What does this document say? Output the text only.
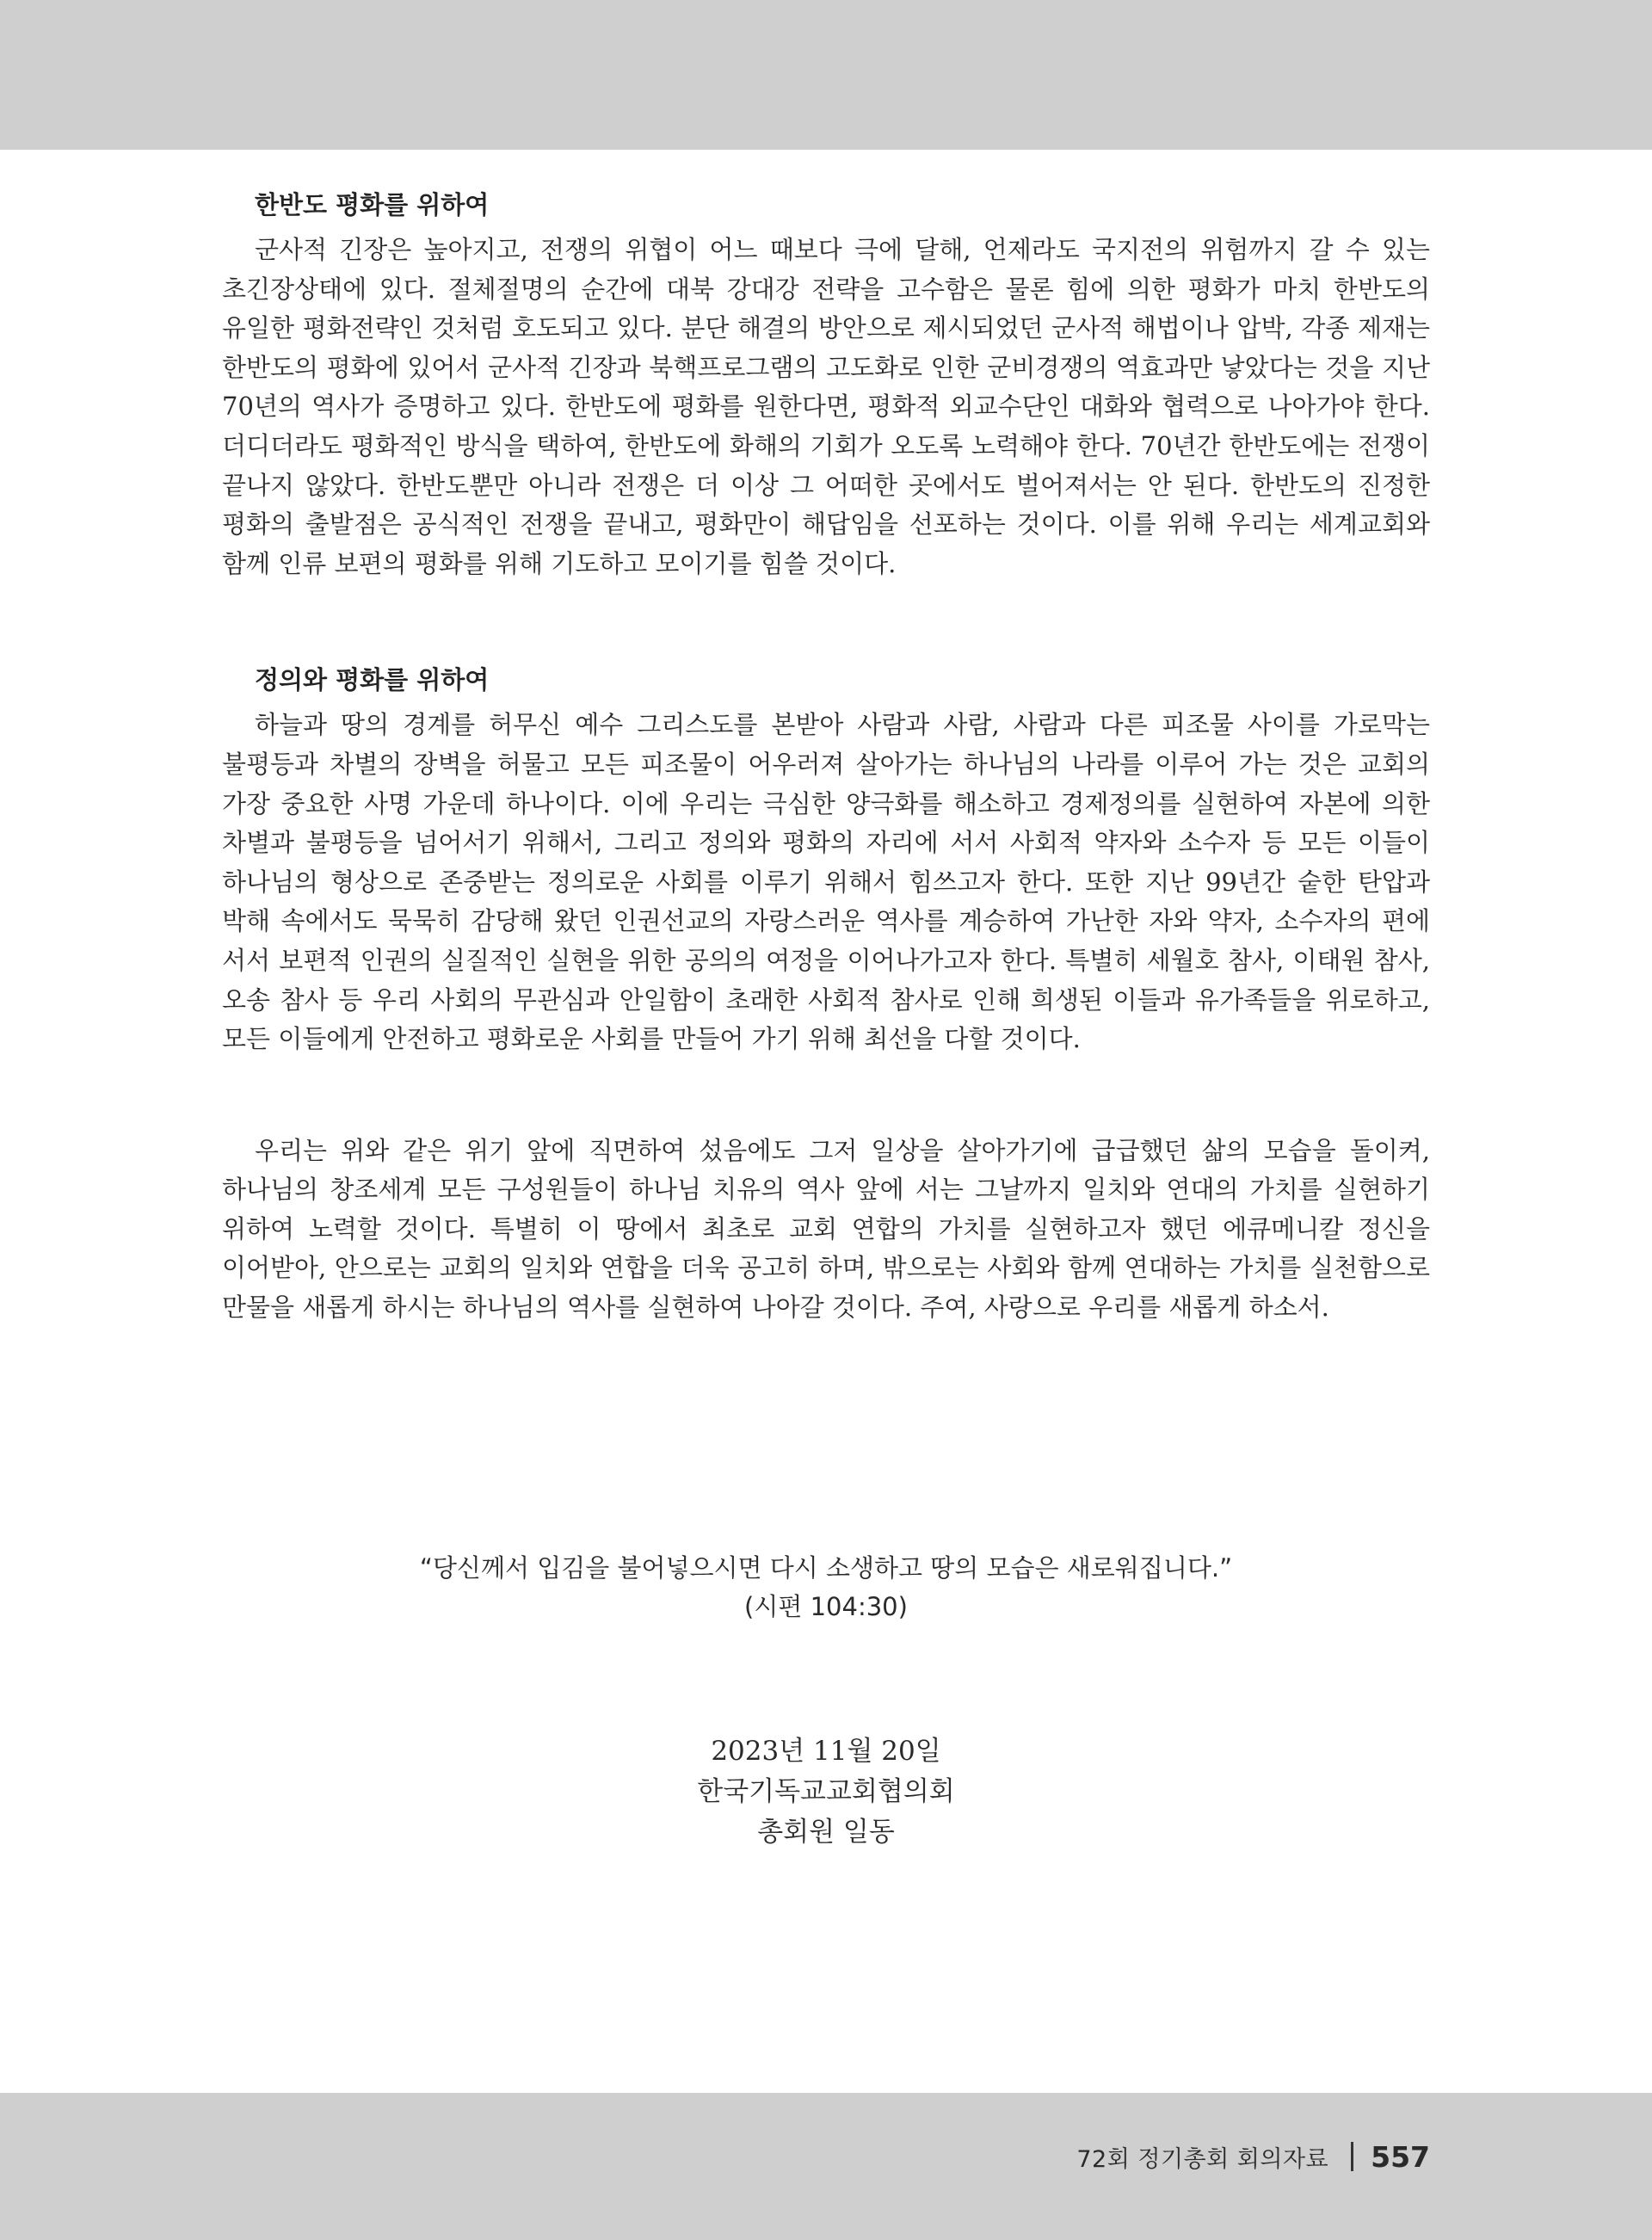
한반도 평화를 위하여

군사적 긴장은 높아지고, 전쟁의 위협이 어느 때보다 극에 달해, 언제라도 국지전의 위험까지 갈 수 있는 초긴장상태에 있다. 절체절명의 순간에 대북 강대강 전략을 고수함은 물론 힘에 의한 평화가 마치 한반도의 유일한 평화전략인 것처럼 호도되고 있다. 분단 해결의 방안으로 제시되었던 군사적 해법이나 압박, 각종 제재는 한반도의 평화에 있어서 군사적 긴장과 북핵프로그램의 고도화로 인한 군비경쟁의 역효과만 낳았다는 것을 지난 70년의 역사가 증명하고 있다. 한반도에 평화를 원한다면, 평화적 외교수단인 대화와 협력으로 나아가야 한다. 더디더라도 평화적인 방식을 택하여, 한반도에 화해의 기회가 오도록 노력해야 한다. 70년간 한반도에는 전쟁이 끝나지 않았다. 한반도뿐만 아니라 전쟁은 더 이상 그 어떠한 곳에서도 벌어져서는 안 된다. 한반도의 진정한 평화의 출발점은 공식적인 전쟁을 끝내고, 평화만이 해답임을 선포하는 것이다. 이를 위해 우리는 세계교회와 함께 인류 보편의 평화를 위해 기도하고 모이기를 힘쓸 것이다.

정의와 평화를 위하여

하늘과 땅의 경계를 허무신 예수 그리스도를 본받아 사람과 사람, 사람과 다른 피조물 사이를 가로막는 불평등과 차별의 장벽을 허물고 모든 피조물이 어우러져 살아가는 하나님의 나라를 이루어 가는 것은 교회의 가장 중요한 사명 가운데 하나이다. 이에 우리는 극심한 양극화를 해소하고 경제정의를 실현하여 자본에 의한 차별과 불평등을 넘어서기 위해서, 그리고 정의와 평화의 자리에 서서 사회적 약자와 소수자 등 모든 이들이 하나님의 형상으로 존중받는 정의로운 사회를 이루기 위해서 힘쓰고자 한다. 또한 지난 99년간 숱한 탄압과 박해 속에서도 묵묵히 감당해 왔던 인권선교의 자랑스러운 역사를 계승하여 가난한 자와 약자, 소수자의 편에 서서 보편적 인권의 실질적인 실현을 위한 공의의 여정을 이어나가고자 한다. 특별히 세월호 참사, 이태원 참사, 오송 참사 등 우리 사회의 무관심과 안일함이 초래한 사회적 참사로 인해 희생된 이들과 유가족들을 위로하고, 모든 이들에게 안전하고 평화로운 사회를 만들어 가기 위해 최선을 다할 것이다.

우리는 위와 같은 위기 앞에 직면하여 섰음에도 그저 일상을 살아가기에 급급했던 삶의 모습을 돌이켜, 하나님의 창조세계 모든 구성원들이 하나님 치유의 역사 앞에 서는 그날까지 일치와 연대의 가치를 실현하기 위하여 노력할 것이다. 특별히 이 땅에서 최초로 교회 연합의 가치를 실현하고자 했던 에큐메니칼 정신을 이어받아, 안으로는 교회의 일치와 연합을 더욱 공고히 하며, 밖으로는 사회와 함께 연대하는 가치를 실천함으로 만물을 새롭게 하시는 하나님의 역사를 실현하여 나아갈 것이다. 주여, 사랑으로 우리를 새롭게 하소서.

“당신께서 입김을 불어넣으시면 다시 소생하고 땅의 모습은 새로워집니다.”
(시편 104:30)
2023년 11월 20일
한국기독교교회협의회
총회원 일동
72회 정기총회 회의자료 557
